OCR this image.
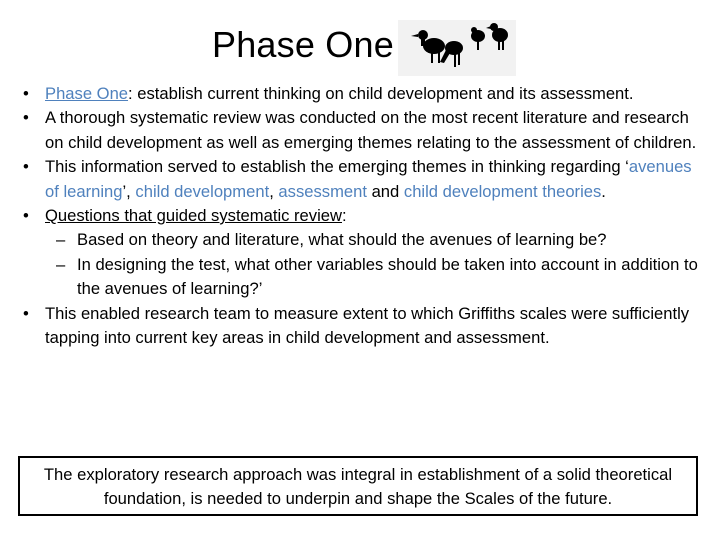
Phase One
• Phase One: establish current thinking on child development and its assessment.
• A thorough systematic review was conducted on the most recent literature and research on child development as well as emerging themes relating to the assessment of children.
• This information served to establish the emerging themes in thinking regarding ‘avenues of learning’, child development, assessment and child development theories.
• Questions that guided systematic review:
– Based on theory and literature, what should the avenues of learning be?
– In designing the test, what other variables should be taken into account in addition to the avenues of learning?’
• This enabled research team to measure extent to which Griffiths scales were sufficiently tapping into current key areas in child development and assessment.
The exploratory research approach was integral in establishment of a solid theoretical foundation, is needed to underpin and shape the Scales of the future.
